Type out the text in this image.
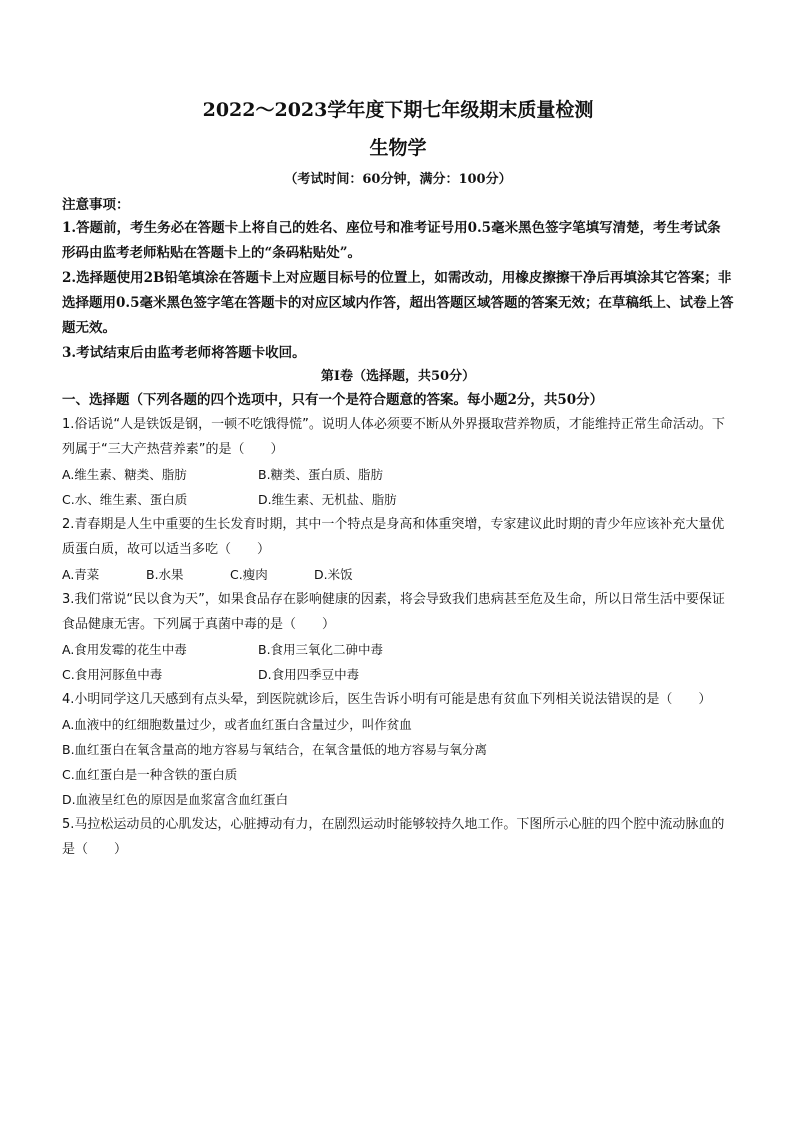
2022～2023学年度下期七年级期末质量检测

生物学

（考试时间：60分钟，满分：100分）

注意事项：

1.答题前，考生务必在答题卡上将自己的姓名、座位号和准考证号用0.5毫米黑色签字笔填写清楚，考生考试条形码由监考老师粘贴在答题卡上的“条码粘贴处”。

2.选择题使用2B铅笔填涂在答题卡上对应题目标号的位置上，如需改动，用橡皮擦擦干净后再填涂其它答案；非选择题用0.5毫米黑色签字笔在答题卡的对应区域内作答，超出答题区域答题的答案无效；在草稿纸上、试卷上答题无效。

3.考试结束后由监考老师将答题卡收回。

第Ⅰ卷（选择题，共50分）

一、选择题（下列各题的四个选项中，只有一个是符合题意的答案。每小题2分，共50分）

1.俗话说“人是铁饭是钢，一顿不吃饿得慌”。说明人体必须要不断从外界摄取营养物质，才能维持正常生命活动。下列属于“三大产热营养素”的是（　　）

A.维生素、糖类、脂肪	B.糖类、蛋白质、脂肪
C.水、维生素、蛋白质	D.维生素、无机盐、脂肪

2.青春期是人生中重要的生长发育时期，其中一个特点是身高和体重突增，专家建议此时期的青少年应该补充大量优质蛋白质，故可以适当多吃（　　）

A.青菜	B.水果	C.瘦肉	D.米饭

3.我们常说“民以食为天”，如果食品存在影响健康的因素，将会导致我们患病甚至危及生命，所以日常生活中要保证食品健康无害。下列属于真菌中毒的是（　　）

A.食用发霉的花生中毒	B.食用三氧化二砷中毒
C.食用河豚鱼中毒	D.食用四季豆中毒

4.小明同学这几天感到有点头晕，到医院就诊后，医生告诉小明有可能是患有贫血下列相关说法错误的是（　　）

A.血液中的红细胞数量过少，或者血红蛋白含量过少，叫作贫血

B.血红蛋白在氧含量高的地方容易与氧结合，在氧含量低的地方容易与氧分离

C.血红蛋白是一种含铁的蛋白质

D.血液呈红色的原因是血浆富含血红蛋白

5.马拉松运动员的心肌发达，心脏搏动有力，在剧烈运动时能够较持久地工作。下图所示心脏的四个腔中流动脉血的是（　　）
